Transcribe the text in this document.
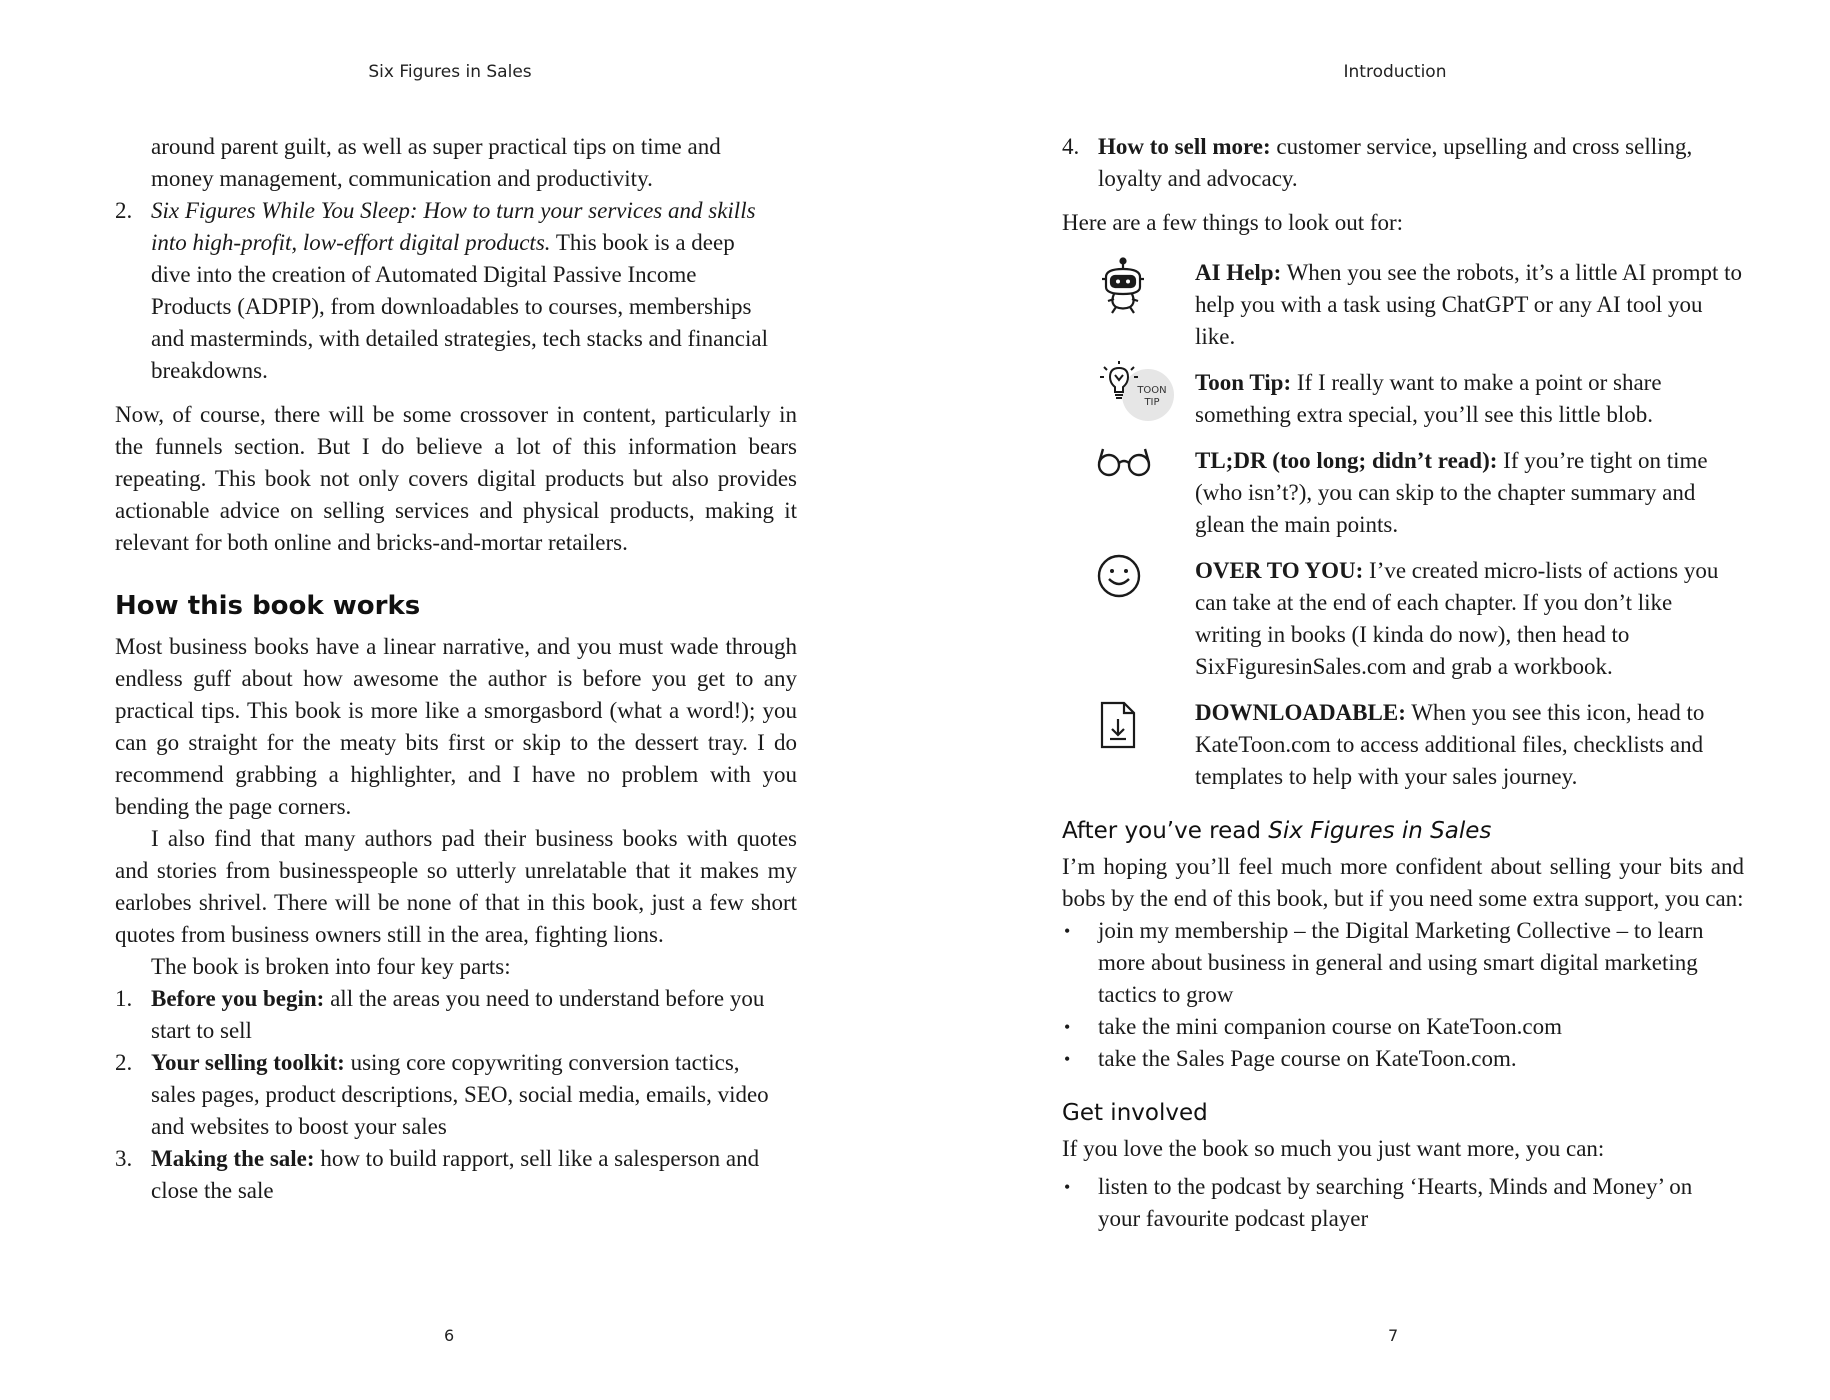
Six Figures in Sales

around parent guilt, as well as super practical tips on time and money management, communication and productivity.

2. Six Figures While You Sleep: How to turn your services and skills into high-profit, low-effort digital products. This book is a deep dive into the creation of Automated Digital Passive Income Products (ADPIP), from downloadables to courses, memberships and masterminds, with detailed strategies, tech stacks and financial breakdowns.

Now, of course, there will be some crossover in content, particularly in the funnels section. But I do believe a lot of this information bears repeating. This book not only covers digital products but also provides actionable advice on selling services and physical products, making it relevant for both online and bricks-and-mortar retailers.

How this book works

Most business books have a linear narrative, and you must wade through endless guff about how awesome the author is before you get to any practical tips. This book is more like a smorgasbord (what a word!); you can go straight for the meaty bits first or skip to the dessert tray. I do recommend grabbing a highlighter, and I have no problem with you bending the page corners.

I also find that many authors pad their business books with quotes and stories from businesspeople so utterly unrelatable that it makes my earlobes shrivel. There will be none of that in this book, just a few short quotes from business owners still in the area, fighting lions.

The book is broken into four key parts:

1. Before you begin: all the areas you need to understand before you start to sell
2. Your selling toolkit: using core copywriting conversion tactics, sales pages, product descriptions, SEO, social media, emails, video and websites to boost your sales
3. Making the sale: how to build rapport, sell like a salesperson and close the sale
6
Introduction
4. How to sell more: customer service, upselling and cross selling, loyalty and advocacy.

Here are a few things to look out for:

AI Help: When you see the robots, it’s a little AI prompt to help you with a task using ChatGPT or any AI tool you like.
TOON
TIP
Toon Tip: If I really want to make a point or share something extra special, you’ll see this little blob.
TL;DR (too long; didn’t read): If you’re tight on time (who isn’t?), you can skip to the chapter summary and glean the main points.
OVER TO YOU: I’ve created micro-lists of actions you can take at the end of each chapter. If you don’t like writing in books (I kinda do now), then head to SixFiguresinSales.com and grab a workbook.
DOWNLOADABLE: When you see this icon, head to KateToon.com to access additional files, checklists and templates to help with your sales journey.
After you’ve read Six Figures in Sales

I’m hoping you’ll feel much more confident about selling your bits and bobs by the end of this book, but if you need some extra support, you can:

•	join my membership – the Digital Marketing Collective – to learn more about business in general and using smart digital marketing tactics to grow
•	take the mini companion course on KateToon.com
•	take the Sales Page course on KateToon.com.
Get involved

If you love the book so much you just want more, you can:

•	listen to the podcast by searching ‘Hearts, Minds and Money’ on your favourite podcast player
7
